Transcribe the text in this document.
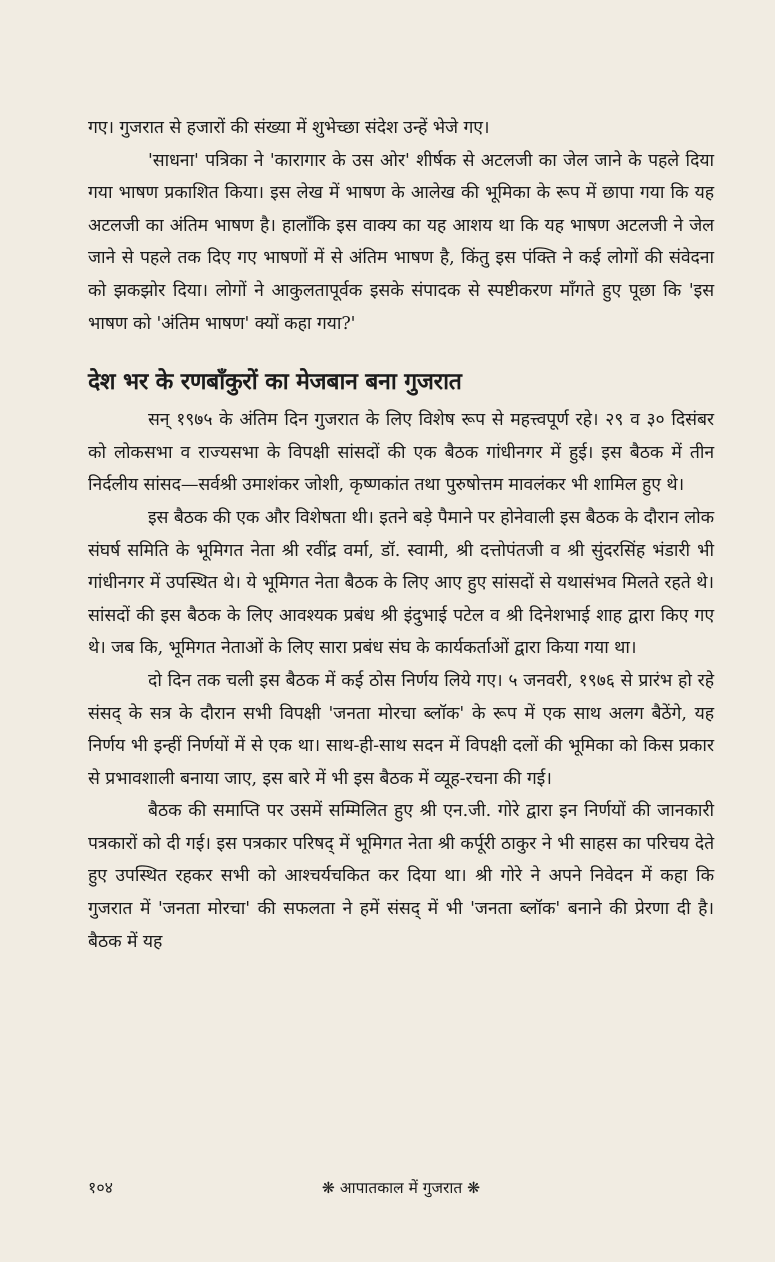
गए। गुजरात से हजारों की संख्या में शुभेच्छा संदेश उन्हें भेजे गए।

'साधना' पत्रिका ने 'कारागार के उस ओर' शीर्षक से अटलजी का जेल जाने के पहले दिया गया भाषण प्रकाशित किया। इस लेख में भाषण के आलेख की भूमिका के रूप में छापा गया कि यह अटलजी का अंतिम भाषण है। हालाँकि इस वाक्य का यह आशय था कि यह भाषण अटलजी ने जेल जाने से पहले तक दिए गए भाषणों में से अंतिम भाषण है, किंतु इस पंक्ति ने कई लोगों की संवेदना को झकझोर दिया। लोगों ने आकुलतापूर्वक इसके संपादक से स्पष्टीकरण माँगते हुए पूछा कि 'इस भाषण को 'अंतिम भाषण' क्यों कहा गया?'

देश भर के रणबाँकुरों का मेजबान बना गुजरात

सन् १९७५ के अंतिम दिन गुजरात के लिए विशेष रूप से महत्त्वपूर्ण रहे। २९ व ३० दिसंबर को लोकसभा व राज्यसभा के विपक्षी सांसदों की एक बैठक गांधीनगर में हुई। इस बैठक में तीन निर्दलीय सांसद—सर्वश्री उमाशंकर जोशी, कृष्णकांत तथा पुरुषोत्तम मावलंकर भी शामिल हुए थे।

इस बैठक की एक और विशेषता थी। इतने बड़े पैमाने पर होनेवाली इस बैठक के दौरान लोक संघर्ष समिति के भूमिगत नेता श्री रवींद्र वर्मा, डॉ. स्वामी, श्री दत्तोपंतजी व श्री सुंदरसिंह भंडारी भी गांधीनगर में उपस्थित थे। ये भूमिगत नेता बैठक के लिए आए हुए सांसदों से यथासंभव मिलते रहते थे। सांसदों की इस बैठक के लिए आवश्यक प्रबंध श्री इंदुभाई पटेल व श्री दिनेशभाई शाह द्वारा किए गए थे। जब कि, भूमिगत नेताओं के लिए सारा प्रबंध संघ के कार्यकर्ताओं द्वारा किया गया था।

दो दिन तक चली इस बैठक में कई ठोस निर्णय लिये गए। ५ जनवरी, १९७६ से प्रारंभ हो रहे संसद् के सत्र के दौरान सभी विपक्षी 'जनता मोरचा ब्लॉक' के रूप में एक साथ अलग बैठेंगे, यह निर्णय भी इन्हीं निर्णयों में से एक था। साथ-ही-साथ सदन में विपक्षी दलों की भूमिका को किस प्रकार से प्रभावशाली बनाया जाए, इस बारे में भी इस बैठक में व्यूह-रचना की गई।

बैठक की समाप्ति पर उसमें सम्मिलित हुए श्री एन.जी. गोरे द्वारा इन निर्णयों की जानकारी पत्रकारों को दी गई। इस पत्रकार परिषद् में भूमिगत नेता श्री कर्पूरी ठाकुर ने भी साहस का परिचय देते हुए उपस्थित रहकर सभी को आश्चर्यचकित कर दिया था। श्री गोरे ने अपने निवेदन में कहा कि गुजरात में 'जनता मोरचा' की सफलता ने हमें संसद् में भी 'जनता ब्लॉक' बनाने की प्रेरणा दी है। बैठक में यह

१०४	❋ आपातकाल में गुजरात ❋
